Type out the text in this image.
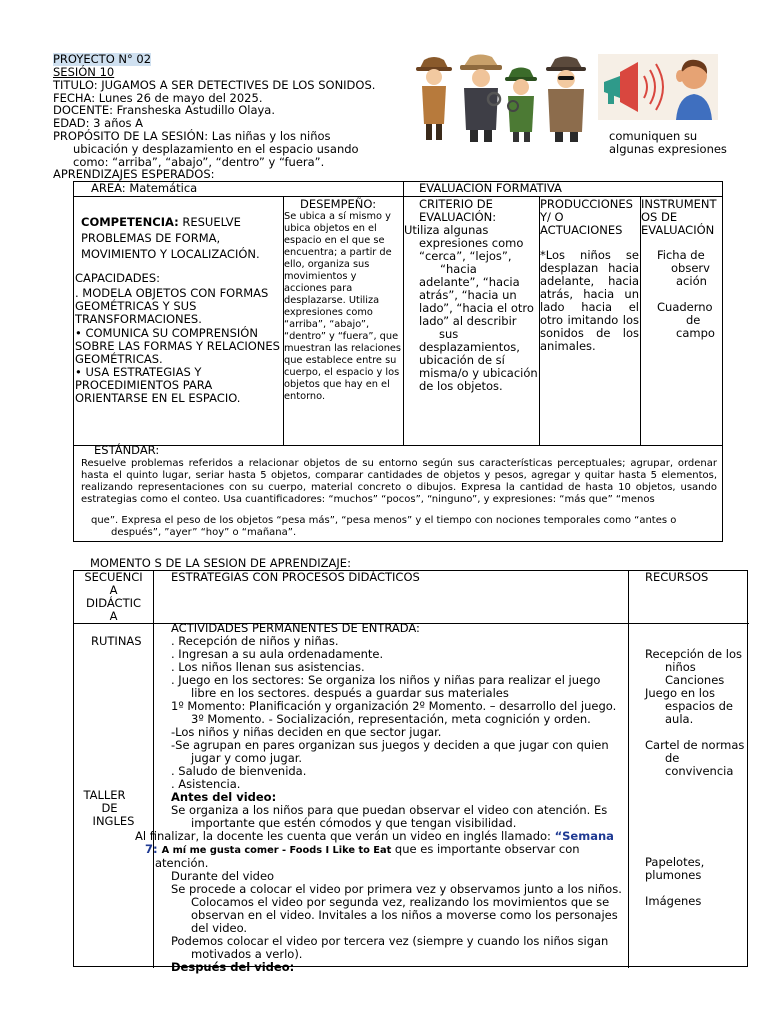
PROYECTO N° 02
SESIÓN 10
TITULO: JUGAMOS A SER DETECTIVES DE LOS SONIDOS.
FECHA: Lunes 26 de mayo del 2025.
DOCENTE: Fransheska Astudillo Olaya.
EDAD: 3 años A
PROPÓSITO DE LA SESIÓN: Las niñas y los niños
ubicación y desplazamiento en el espacio usando
como: “arriba”, “abajo”, “dentro” y “fuera”.
comuniquen su
algunas expresiones
APRENDIZAJES ESPERADOS:
AREA: Matemática	EVALUACION FORMATIVA
COMPETENCIA: RESUELVE
PROBLEMAS DE FORMA,
MOVIMIENTO Y LOCALIZACIÓN.
CAPACIDADES:
. MODELA OBJETOS CON FORMAS
GEOMÉTRICAS Y SUS
TRANSFORMACIONES.
• COMUNICA SU COMPRENSIÓN
SOBRE LAS FORMAS Y RELACIONES
GEOMÉTRICAS.
• USA ESTRATEGIAS Y
PROCEDIMIENTOS PARA
ORIENTARSE EN EL ESPACIO.
DESEMPEÑO:
Se ubica a sí mismo y ubica objetos en el espacio en el que se encuentra; a partir de ello, organiza sus movimientos y acciones para desplazarse. Utiliza expresiones como “arriba”, “abajo”, “dentro” y “fuera”, que muestran las relaciones que establece entre su cuerpo, el espacio y los objetos que hay en el entorno.
CRITERIO DE
EVALUACIÓN:
Utiliza algunas
expresiones como
“cerca”, “lejos”,
“hacia
adelante”, “hacia
atrás”, “hacia un
lado”, “hacia el otro
lado” al describir
sus
desplazamientos,
ubicación de sí
misma/o y ubicación
de los objetos.
PRODUCCIONES
Y/ O
ACTUACIONES
*Los niños se desplazan hacia adelante, hacia atrás, hacia un lado hacia el otro imitando los sonidos de los animales.
INSTRUMENT
OS DE
EVALUACIÓN
Ficha de
observ
ación
Cuaderno
de
campo
ESTÁNDAR:
Resuelve problemas referidos a relacionar objetos de su entorno según sus características perceptuales; agrupar, ordenar hasta el quinto lugar, seriar hasta 5 objetos, comparar cantidades de objetos y pesos, agregar y quitar hasta 5 elementos, realizando representaciones con su cuerpo, material concreto o dibujos. Expresa la cantidad de hasta 10 objetos, usando estrategias como el conteo. Usa cuantificadores: “muchos” “pocos”, “ninguno”, y expresiones: “más que” “menos
que”. Expresa el peso de los objetos “pesa más”, “pesa menos” y el tiempo con nociones temporales como “antes o
después”, ”ayer” “hoy” o “mañana”.
MOMENTO S DE LA SESION DE APRENDIZAJE:
SECUENCI
A
DIDÁCTIC
A
ESTRATEGIAS CON PROCESOS DIDÁCTICOS	RECURSOS
RUTINAS
TALLER
DE
INGLES
ACTIVIDADES PERMANENTES DE ENTRADA:
. Recepción de niños y niñas.
. Ingresan a su aula ordenadamente.
. Los niños llenan sus asistencias.
. Juego en los sectores: Se organiza los niños y niñas para realizar el juego
libre en los sectores. después a guardar sus materiales
1º Momento: Planificación y organización 2º Momento. – desarrollo del juego.
3º Momento. - Socialización, representación, meta cognición y orden.
-Los niños y niñas deciden en que sector jugar.
-Se agrupan en pares organizan sus juegos y deciden a que jugar con quien
jugar y como jugar.
. Saludo de bienvenida.
. Asistencia.
Antes del video:
Se organiza a los niños para que puedan observar el video con atención. Es
importante que estén cómodos y que tengan visibilidad.
Al finalizar, la docente les cuenta que verán un video en inglés llamado: “Semana
7: A mí me gusta comer - Foods I Like to Eat que es importante observar con
atención.
Durante del video
Se procede a colocar el video por primera vez y observamos junto a los niños.
Colocamos el video por segunda vez, realizando los movimientos que se
observan en el video. Invitales a los niños a moverse como los personajes
del video.
Podemos colocar el video por tercera vez (siempre y cuando los niños sigan
motivados a verlo).
Después del video:
Recepción de los
niños
Canciones
Juego en los
espacios de
aula.
Cartel de normas
de
convivencia
Papelotes,
plumones
Imágenes
